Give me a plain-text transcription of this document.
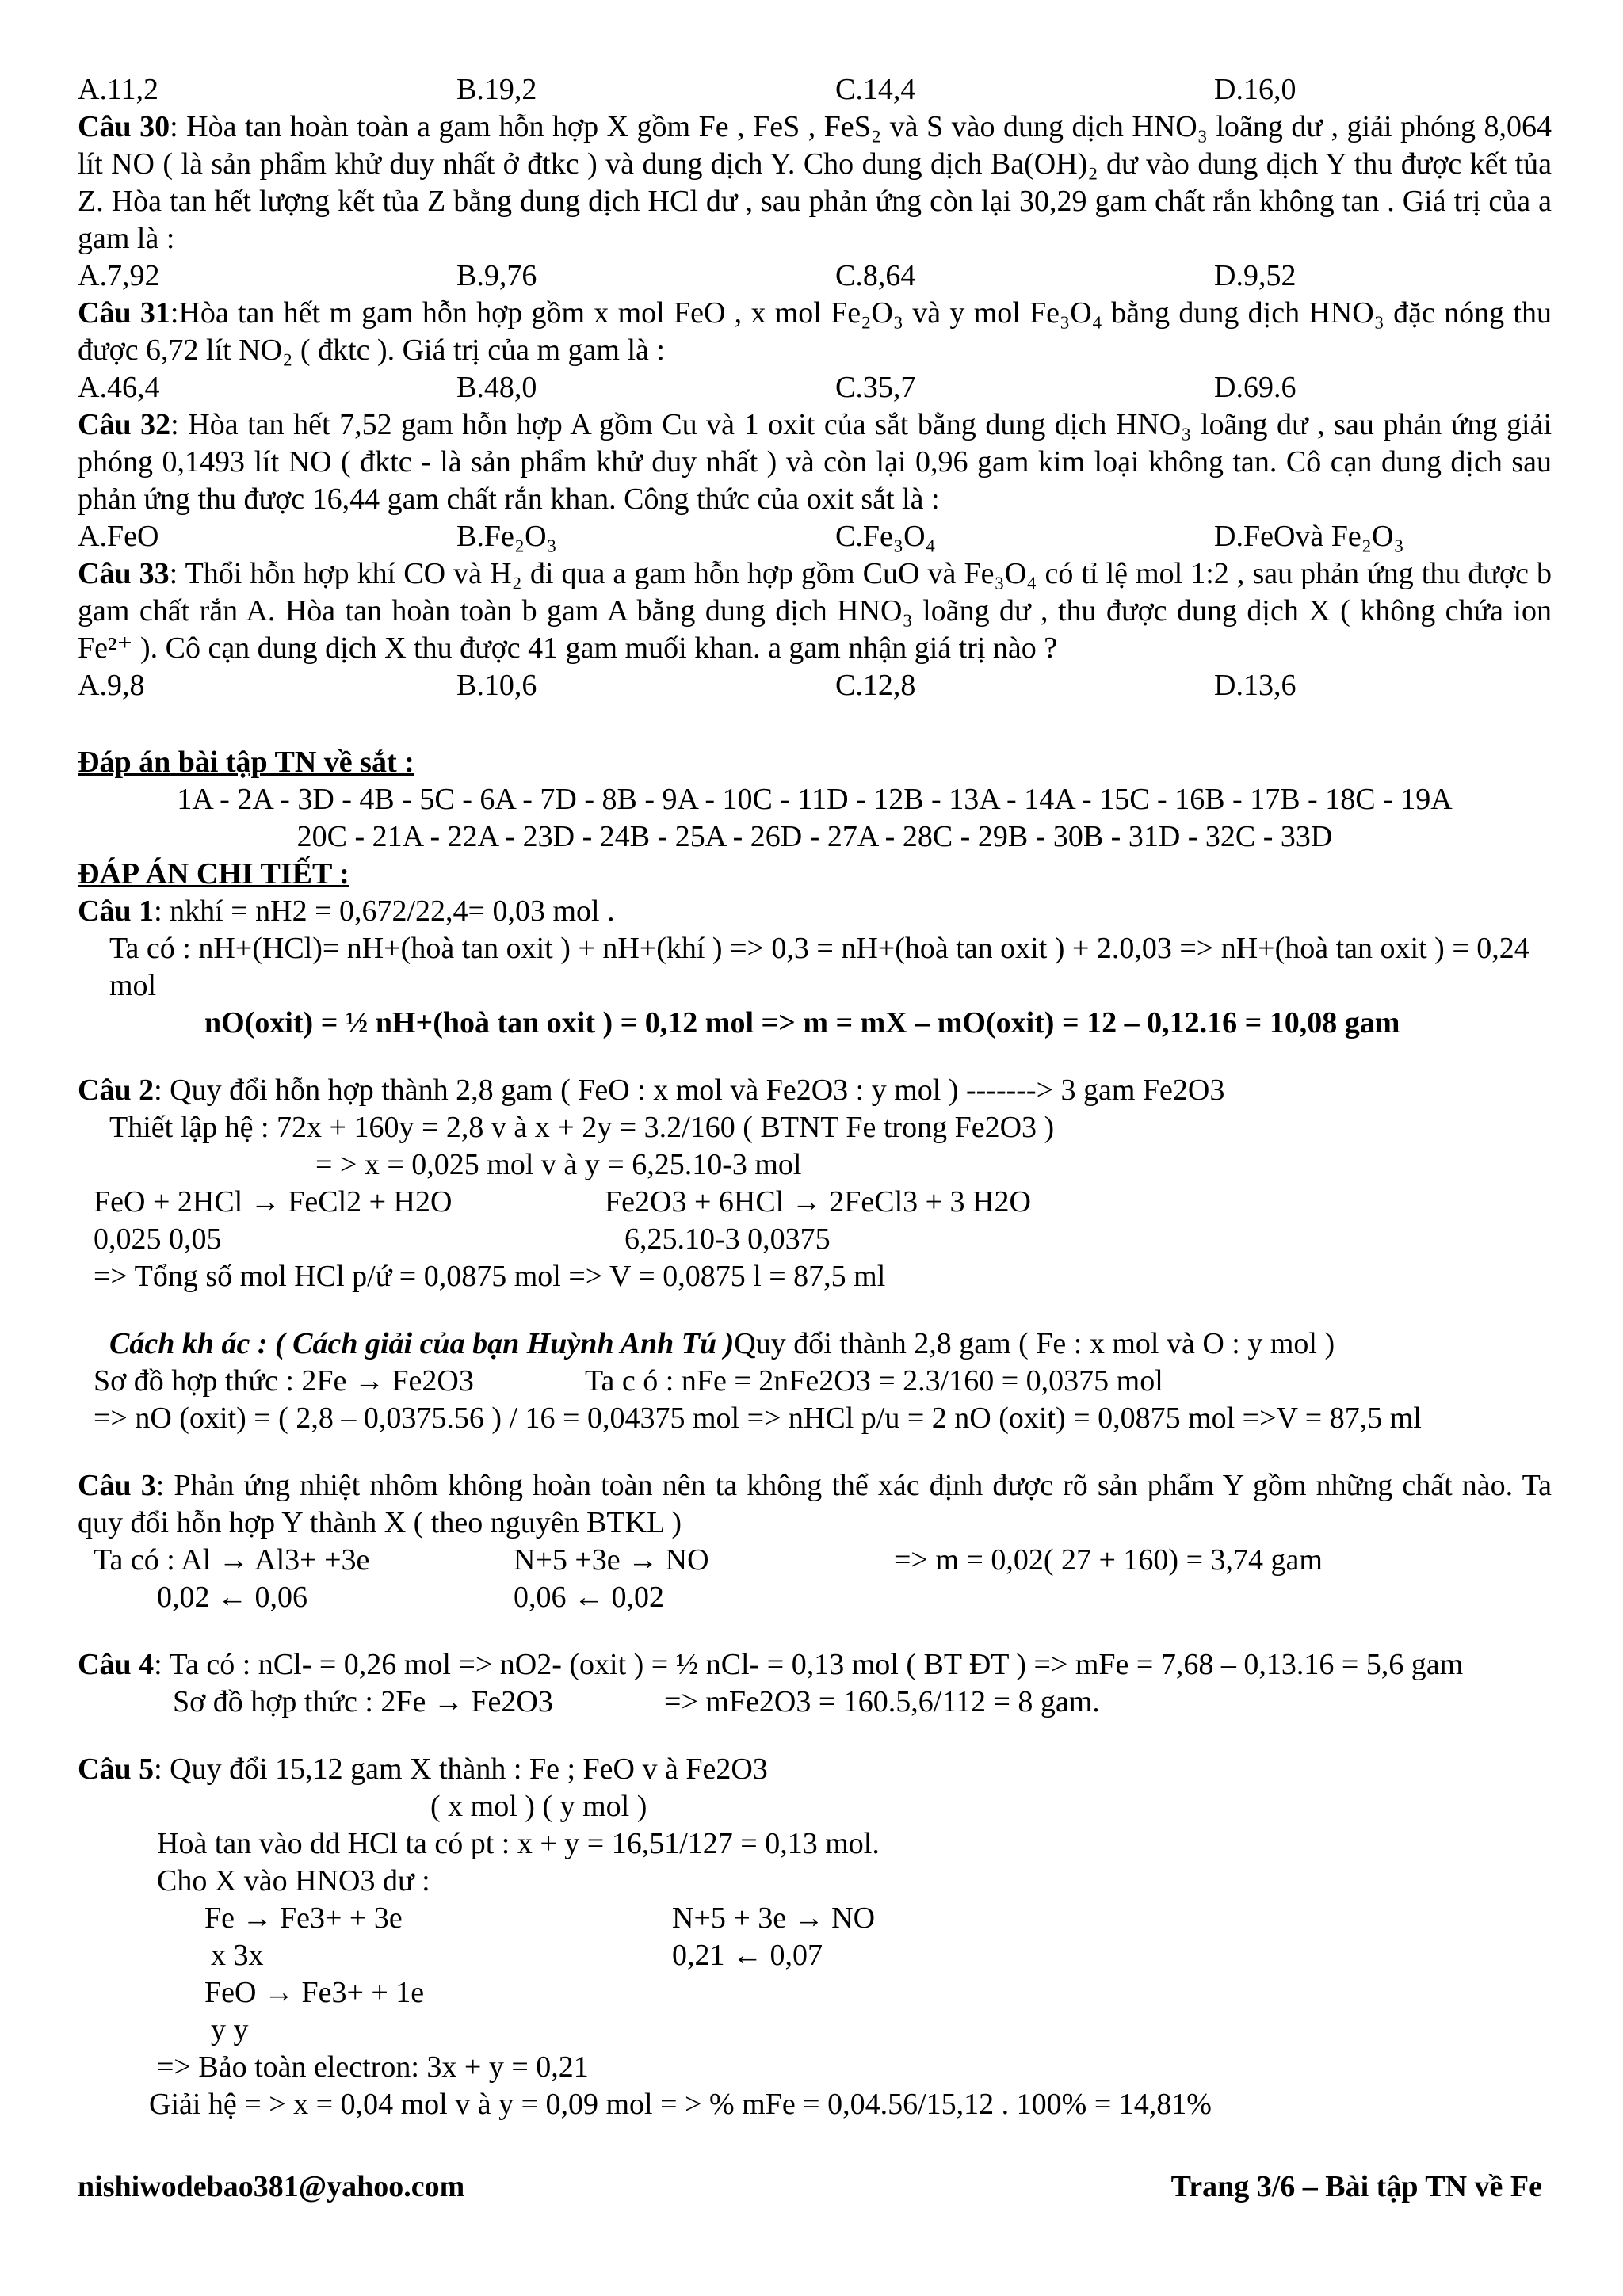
A.11,2	B.19,2	C.14,4	D.16,0
Câu 30: Hòa tan hoàn toàn a gam hỗn hợp X gồm Fe , FeS , FeS₂ và S vào dung dịch HNO₃ loãng dư , giải phóng 8,064 lít NO ( là sản phẩm khử duy nhất ở đtkc ) và dung dịch Y. Cho dung dịch Ba(OH)₂ dư vào dung dịch Y thu được kết tủa Z. Hòa tan hết lượng kết tủa Z bằng dung dịch HCl dư , sau phản ứng còn lại 30,29 gam chất rắn không tan . Giá trị của a gam là :
A.7,92	B.9,76	C.8,64	D.9,52
Câu 31:Hòa tan hết m gam hỗn hợp gồm x mol FeO , x mol Fe₂O₃ và y mol Fe₃O₄ bằng dung dịch HNO₃ đặc nóng thu được 6,72 lít NO₂ ( đktc ). Giá trị của m gam là :
A.46,4	B.48,0	C.35,7	D.69.6
Câu 32: Hòa tan hết 7,52 gam hỗn hợp A gồm Cu và 1 oxit của sắt bằng dung dịch HNO₃ loãng dư , sau phản ứng giải phóng 0,1493 lít NO ( đktc - là sản phẩm khử duy nhất ) và còn lại 0,96 gam kim loại không tan. Cô cạn dung dịch sau phản ứng thu được 16,44 gam chất rắn khan. Công thức của oxit sắt là :
A.FeO	B.Fe₂O₃	C.Fe₃O₄	D.FeOvà Fe₂O₃
Câu 33: Thổi hỗn hợp khí CO và H₂ đi qua a gam hỗn hợp gồm CuO và Fe₃O₄ có tỉ lệ mol 1:2 , sau phản ứng thu được b gam chất rắn A. Hòa tan hoàn toàn b gam A bằng dung dịch HNO₃ loãng dư , thu được dung dịch X ( không chứa ion Fe²⁺ ). Cô cạn dung dịch X thu được 41 gam muối khan. a gam nhận giá trị nào ?
A.9,8	B.10,6	C.12,8	D.13,6
Đáp án bài tập TN về sắt :
1A - 2A - 3D - 4B - 5C - 6A - 7D - 8B - 9A - 10C - 11D - 12B - 13A - 14A - 15C - 16B - 17B - 18C - 19A
20C - 21A - 22A - 23D - 24B - 25A - 26D - 27A - 28C - 29B - 30B - 31D - 32C - 33D
ĐÁP ÁN CHI TIẾT :
Câu 1: nkhí = nH2 = 0,672/22,4= 0,03 mol .
Ta có : nH+(HCl)= nH+(hoà tan oxit ) + nH+(khí ) => 0,3 = nH+(hoà tan oxit ) + 2.0,03 => nH+(hoà tan oxit ) = 0,24 mol
nO(oxit) = ½ nH+(hoà tan oxit ) = 0,12 mol => m = mX – mO(oxit) = 12 – 0,12.16 = 10,08 gam
Câu 2: Quy đổi hỗn hợp thành 2,8 gam ( FeO : x mol và Fe2O3 : y mol ) -------> 3 gam Fe2O3
Thiết lập hệ : 72x + 160y = 2,8 v à x + 2y = 3.2/160 ( BTNT Fe trong Fe2O3 )
= > x = 0,025 mol v à y = 6,25.10-3 mol
FeO + 2HCl → FeCl2 + H2O	Fe2O3 + 6HCl → 2FeCl3 + 3 H2O
0,025 0,05	6,25.10-3 0,0375
=> Tổng số mol HCl p/ứ = 0,0875 mol => V = 0,0875 l = 87,5 ml
Cách kh ác : ( Cách giải của bạn Huỳnh Anh Tú )Quy đổi thành 2,8 gam ( Fe : x mol và O : y mol )
Sơ đồ hợp thức : 2Fe → Fe2O3	Ta c ó : nFe = 2nFe2O3 = 2.3/160 = 0,0375 mol
=> nO (oxit) = ( 2,8 – 0,0375.56 ) / 16 = 0,04375 mol => nHCl p/u = 2 nO (oxit) = 0,0875 mol =>V = 87,5 ml
Câu 3: Phản ứng nhiệt nhôm không hoàn toàn nên ta không thể xác định được rõ sản phẩm Y gồm những chất nào. Ta quy đổi hỗn hợp Y thành X ( theo nguyên BTKL )
Ta có : Al → Al3+ +3e	N+5 +3e → NO	=> m = 0,02( 27 + 160) = 3,74 gam
0,02 ← 0,06	0,06 ← 0,02
Câu 4: Ta có : nCl- = 0,26 mol => nO2- (oxit ) = ½ nCl- = 0,13 mol ( BT ĐT ) => mFe = 7,68 – 0,13.16 = 5,6 gam
Sơ đồ hợp thức : 2Fe → Fe2O3	=> mFe2O3 = 160.5,6/112 = 8 gam.
Câu 5: Quy đổi 15,12 gam X thành : Fe ; FeO v à Fe2O3
( x mol ) ( y mol )
Hoà tan vào dd HCl ta có pt : x + y = 16,51/127 = 0,13 mol.
Cho X vào HNO3 dư :
Fe → Fe3+ + 3e	N+5 + 3e → NO
x 3x	0,21 ← 0,07
FeO → Fe3+ + 1e
y y
=> Bảo toàn electron: 3x + y = 0,21
Giải hệ = > x = 0,04 mol v à y = 0,09 mol = > % mFe = 0,04.56/15,12 . 100% = 14,81%
nishiwodebao381@yahoo.com	Trang 3/6 – Bài tập TN về Fe
